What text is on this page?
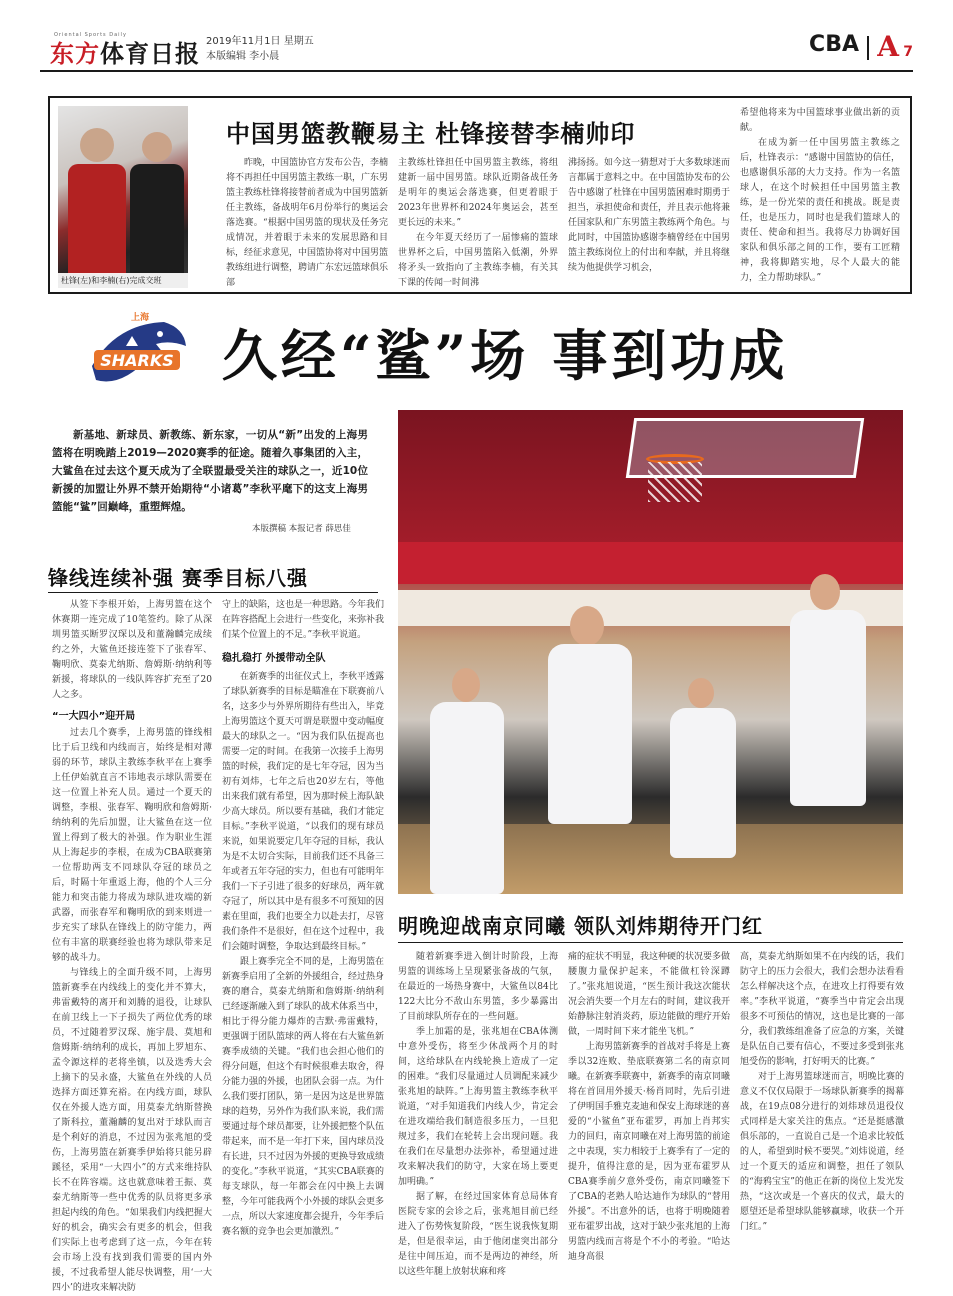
Oriental Sports Daily
东方体育日报 2019年11月1日 星期五
本版编辑 李小晨	CBA A 7
杜锋(左)和李楠(右)完成交班
中国男篮教鞭易主 杜锋接替李楠帅印
昨晚，中国篮协官方发布公告，李楠将不再担任中国男篮主教练一职，广东男篮主教练杜锋将接替前者成为中国男篮新任主教练，备战明年6月份举行的奥运会落选赛。“根据中国男篮的现状及任务完成情况，并着眼于未来的发展思路和目标，经征求意见，中国篮协将对中国男篮教练组进行调整，聘请广东宏远篮球俱乐部
主教练杜锋担任中国男篮主教练，将组建新一届中国男篮。球队近期备战任务是明年的奥运会落选赛，但更着眼于2023年世界杯和2024年奥运会，甚至更长远的未来。”
在今年夏天经历了一届惨痛的篮球世界杯之后，中国男篮陷入低潮，外界将矛头一致指向了主教练李楠，有关其下课的传闻一时间沸
沸扬扬。如今这一猜想对于大多数球迷而言都属于意料之中。在中国篮协发布的公告中感谢了杜锋在中国男篮困难时期勇于担当，承担使命和责任，并且表示他将兼任国家队和广东男篮主教练两个角色。与此同时，中国篮协感谢李楠曾经在中国男篮主教练岗位上的付出和奉献，并且将继续为他提供学习机会，
希望他将来为中国篮球事业做出新的贡献。
在成为新一任中国男篮主教练之后，杜锋表示：“感谢中国篮协的信任，也感谢俱乐部的大力支持。作为一名篮球人，在这个时候担任中国男篮主教练，是一份光荣的责任和挑战。既是责任，也是压力，同时也是我们篮球人的责任、使命和担当。我将尽力协调好国家队和俱乐部之间的工作，要有工匠精神，我将脚踏实地，尽个人最大的能力，全力帮助球队。”
SHARKS
上海
久经“鲨”场 事到功成
新基地、新球员、新教练、新东家，一切从“新”出发的上海男篮将在明晚踏上2019—2020赛季的征途。随着久事集团的入主，大鲨鱼在过去这个夏天成为了全联盟最受关注的球队之一，近10位新援的加盟让外界不禁开始期待“小诸葛”李秋平麾下的这支上海男篮能“鲨”回巅峰，重塑辉煌。
本版撰稿 本报记者 薛思佳
锋线连续补强 赛季目标八强
从签下李根开始，上海男篮在这个休赛期一连完成了10笔签约。除了从深圳男篮买断罗汉琛以及和董瀚麟完成续约之外，大鲨鱼还接连签下了张春军、鞠明欣、莫泰尤纳斯、詹姆斯·纳纳利等新援，将球队的一线队阵容扩充至了20人之多。
“一大四小”迎开局
过去几个赛季，上海男篮的锋线相比于后卫线和内线而言，始终是相对薄弱的环节，球队主教练李秋平在上赛季上任伊始就直言不讳地表示球队需要在这一位置上补充人员。通过一个夏天的调整，李根、张春军、鞠明欣和詹姆斯·纳纳利的先后加盟，让大鲨鱼在这一位置上得到了极大的补强。作为职业生涯从上海起步的李根，在成为CBA联赛第一位帮助两支不同球队夺冠的球员之后，时隔十年重返上海，他的个人三分能力和突击能力将成为球队进攻端的新武器，而张春军和鞠明欣的到来则进一步充实了球队在锋线上的防守能力，两位有丰富的联赛经验也将为球队带来足够的战斗力。
与锋线上的全面升级不同，上海男篮新赛季在内线线上的变化并不算大，弗雷戴特的离开和刘腾的退役，让球队在前卫线上一下子损失了两位优秀的球员，不过随着罗汉琛、施宇晨、莫旭和詹姆斯·纳纳利的成长，再加上罗旭东、孟令源这样的老将坐镇，以及选秀大会上摘下的吴永盛，大鲨鱼在外线的人员选择方面还算充裕。在内线方面，球队仅在外援人选方面，用莫泰尤纳斯替换了斯科拉，董瀚麟的复出对于球队而言是个利好的消息，不过因为张兆旭的受伤，上海男篮在新赛季伊始将只能另辟蹊径，采用“一大四小”的方式来维持队长不在阵容端。这也就意味着王振、莫泰尤纳斯等一些中优秀的队员将更多承担起内线的角色。“如果我们内线把握大好的机会，确实会有更多的机会，但我们实际上也考虑到了这一点，今年在转会市场上没有找到我们需要的国内外援，不过我希望人能尽快调整，用‘一大四小’的进攻来解决防
守上的缺陷，这也是一种思路。今年我们在阵容搭配上会进行一些变化，来弥补我们某个位置上的不足。”李秋平说道。
稳扎稳打 外援带动全队
在新赛季的出征仪式上，李秋平透露了球队新赛季的目标是瞄准在下联赛前八名，这多少与外界所期待有些出入，毕竟上海男篮这个夏天可谓是联盟中变动幅度最大的球队之一。“因为我们队伍提高也需要一定的时间。在我第一次接手上海男篮的时候，我们定的是七年夺冠，因为当初有刘炜，七年之后也20岁左右，等他出来我们就有希望，因为那时候上海队缺少高大球员。所以要有基础，我们才能定目标。”李秋平说道，“以我们的现有球员来说，如果说要定几年夺冠的目标，我认为是不太切合实际，目前我们还不具备三年或者五年夺冠的实力，但也有可能明年我们一下子引进了很多的好球员，两年就夺冠了，所以其中是有很多不可预知的因素在里面，我们也要全力以赴去打，尽管我们条件不是很好，但在这个过程中，我们会随时调整，争取达到最终目标。”
跟上赛季完全不同的是，上海男篮在新赛季启用了全新的外援组合，经过热身赛的磨合，莫泰尤纳斯和詹姆斯·纳纳利已经逐渐融入到了球队的战术体系当中，相比于得分能力爆炸的吉默·弗雷戴特，更强调于团队篮球的两人将在右大鲨鱼新赛季成绩的关键。“我们也会担心他们的得分问题，但这个有时候很难去取舍，得分能力强的外援，也团队会弱一点。为什么我们要打团队，第一是因为这是世界篮球的趋势，另外作为我们队来说，我们需要通过每个球员都要，让外援把整个队伍带起来，而不是一年打下来，国内球员没有长进，只不过因为外援的更换导致成绩的变化。”李秋平说道，“其实CBA联赛的每支球队，每一年都会在闪中换上去调整，今年可能我两个小外援的球队会更多一点，所以大家速度都会提升，今年季后赛名额的竞争也会更加激烈。”
明晚迎战南京同曦 领队刘炜期待开门红
随着新赛季进入倒计时阶段，上海男篮的训练场上呈现紧张备战的气氛，在最近的一场热身赛中，大鲨鱼以84比122大比分不敌山东男篮，多少暴露出了目前球队所存在的一些问题。
季上加霜的是，张兆旭在CBA体测中意外受伤，将至少休战两个月的时间，这给球队在内线轮换上造成了一定的困难。“我们尽量通过人员调配来减少张兆旭的缺阵。”上海男篮主教练李秋平说道，“对手知道我们内线人少，肯定会在进攻端给我们制造很多压力，一旦犯规过多，我们在轮转上会出现问题。我在我们在尽量想办法弥补，希望通过进攻来解决我们的防守，大家在场上要更加明确。”
据了解，在经过国家体育总局体育医院专家的会诊之后，张兆旭目前已经进入了伤势恢复阶段，“医生说我恢复期是，但是很幸运，由于他闭虚突出部分是往中间压迫，而不是两边的神经，所以这些年腿上放射状麻和疼
痛的症状不明显，我这种硬的状况要多做腰腹力量保护起来，不能做杠铃深蹲了。”张兆旭说道，“医生预计我这次能状况会消失要一个月左右的时间，建议我开始静脉注射消炎药，原边能做的理疗开始做，一周时间下来才能坐飞机。”
上海男篮新赛季的首战对手将是上赛季以32连败、垫底联赛第二名的南京同曦。在新赛季联赛中，新赛季的南京同曦将在首回用外援天·杨肖同时，先后引进了伊明国手雅克麦迪和保安上海球迷的喜爱的“小鲨鱼”亚布霍罗，再加上肖邦实力的回归，南京同曦在对上海男篮的前途之中表现，实力相较于上赛季有了一定的提升，值得注意的是，因为亚布霍罗从CBA赛季前夕意外受伤，南京同曦签下了CBA的老熟人哈达迪作为球队的“替用外援”。不出意外的话，也将于明晚随着亚布霍罗出战，这对于缺少张兆旭的上海男篮内线而言将是个不小的考验。“哈达迪身高很
高，莫泰尤纳斯如果不在内线的话，我们防守上的压力会很大，我们会想办法看看怎么样解决这个点，在进攻上打得要有效率。”李秋平说道，“赛季当中肯定会出现很多不可预估的情况，这也是比赛的一部分，我们教练组准备了应急的方案，关键是队伍自己要有信心，不要过多受到张兆旭受伤的影响，打好明天的比赛。”
对于上海男篮球迷而言，明晚比赛的意义不仅仅局限于一场球队新赛季的揭幕战，在19点08分进行的刘炜球员退役仪式同样是大家关注的焦点。“还是挺感激俱乐部的，一直说自己是一个追求比较低的人，希望到时候不要哭。”刘炜说道，经过一个夏天的适应和调整，担任了领队的“海鸦宝宝”的他正在新的岗位上发光发热，“这次或是一个喜庆的仪式，最大的愿望还是希望球队能够赢球，收获一个开门红。”
